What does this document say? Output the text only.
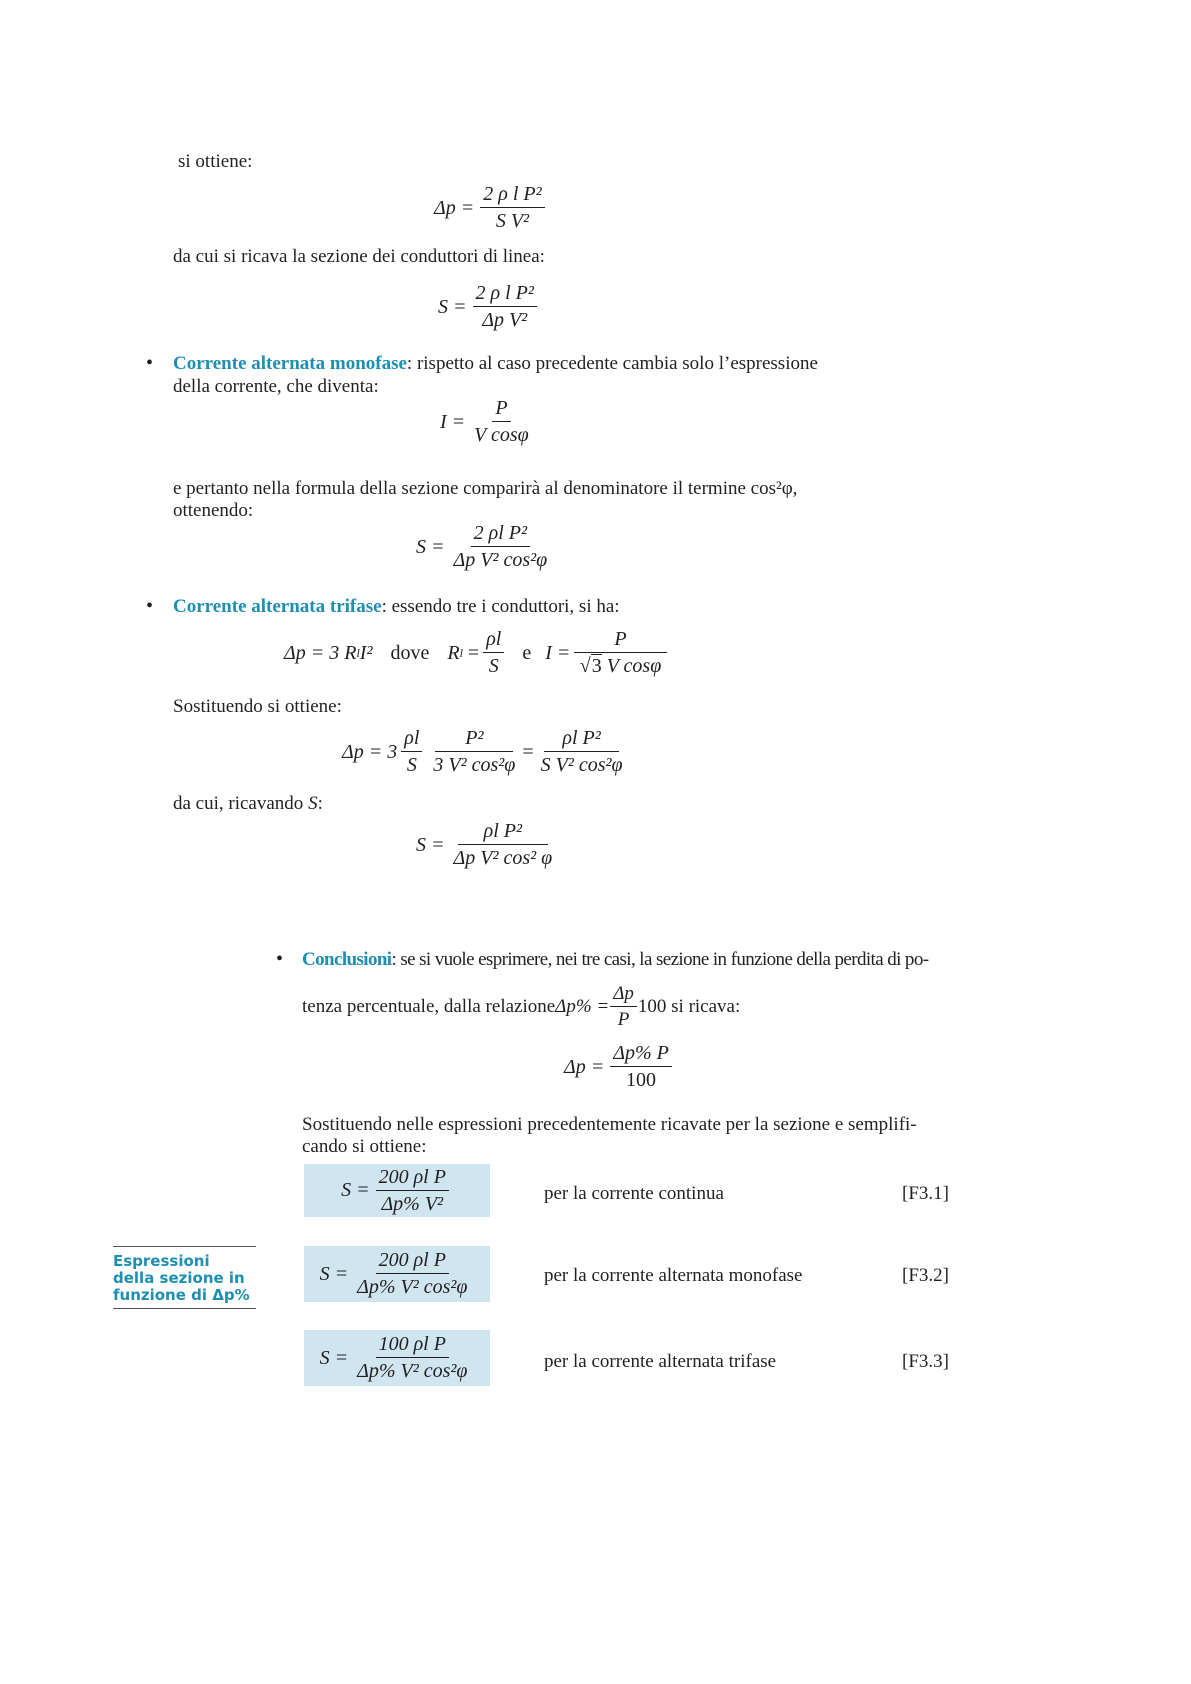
si ottiene:
$\Delta p = \frac{\text{2 ρ l P²}}{\text{S V²}}$
da cui si ricava la sezione dei conduttori di linea:
$S = \frac{\text{2 ρ l P²}}{\text{Δp V²}}$
• Corrente alternata monofase: rispetto al caso precedente cambia solo l’espressione
della corrente, che diventa:
$I = \frac{P}{\text{V cosφ}}$
e pertanto nella formula della sezione comparirà al denominatore il termine cos²φ,
ottenendo:
$S = \frac{\text{2 ρl P²}}{\text{Δp V² cos²φ}}$
• Corrente alternata trifase: essendo tre i conduttori, si ha:
Δp = 3 R l I² dove R $l = \frac{\rho l}{S}$ e $I = \frac{P}{\text{√3 V cosφ}}$
Sostituendo si ottiene:
$\Delta p = 3 \frac{\rho l}{S} \frac{\text{P²}}{\text{3 V² cos²φ}} = \frac{\text{ρl P²}}{\text{S V² cos²φ}}$
da cui, ricavando S:
$S = \frac{\text{ρl P²}}{\text{Δp V² cos² φ}}$
• Conclusioni: se si vuole esprimere, nei tre casi, la sezione in funzione della perdita di po-
tenza percentuale, dalla relazione $\Delta p\% = \frac{\Delta p}{P} 100$ si ricava:
$\Delta p = \frac{\Delta p\% P}{100}$
Sostituendo nelle espressioni precedentemente ricavate per la sezione e semplifi-
cando si ottiene:
Espressioni
della sezione in
funzione di Δp%
$S = \frac{\text{200 ρl P}}{\text{Δp\% V²}}$	per la corrente continua	[F3.1]
$S = \frac{\text{200 ρl P}}{\text{Δp\% V² cos²φ}}$	per la corrente alternata monofase	[F3.2]
$S = \frac{\text{100 ρl P}}{\text{Δp\% V² cos²φ}}$	per la corrente alternata trifase	[F3.3]
